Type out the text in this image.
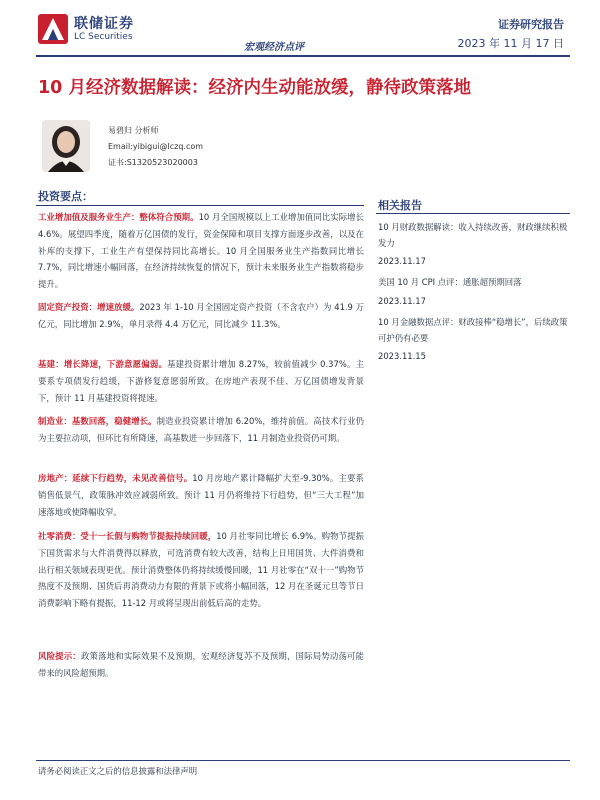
联储证券
LC Securities
宏观经济点评
证券研究报告
2023 年 11 月 17 日
10 月经济数据解读：经济内生动能放缓，静待政策落地
易碧归 分析师
Email:yibigui@lczq.com
证书:S1320523020003
投资要点：
工业增加值及服务业生产：整体符合预期。10 月全国规模以上工业增加值同比实际增长 4.6%。展望四季度，随着万亿国债的发行，资金保障和项目支撑方面逐步改善，以及在补库的支撑下，工业生产有望保持同比高增长。10 月全国服务业生产指数同比增长 7.7%，同比增速小幅回落，在经济持续恢复的情况下，预计未来服务业生产指数将稳步提升。
固定资产投资：增速放缓。2023 年 1-10 月全国固定资产投资（不含农户）为 41.9 万亿元，同比增加 2.9%，单月录得 4.4 万亿元，同比减少 11.3%。
基建：增长降速，下游意愿偏弱。基建投资累计增加 8.27%，较前值减少 0.37%。主要系专项债发行趋缓，下游修复意愿弱所致。在房地产表现不佳、万亿国债增发背景下，预计 11 月基建投资将提速。
制造业：基数回落，稳健增长。制造业投资累计增加 6.20%，维持前值。高技术行业仍为主要拉动项，但环比有所降速，高基数进一步回落下，11 月制造业投资仍可期。
房地产：延续下行趋势，未见改善信号。10 月房地产累计降幅扩大至-9.30%。主要系销售低景气，政策脉冲效应减弱所致。预计 11 月仍将维持下行趋势，但“三大工程”加速落地或使降幅收窄。
社零消费：受十一长假与购物节提振持续回暖，10 月社零同比增长 6.9%。购物节提振下国货需求与大件消费得以释放，可选消费有较大改善，结构上日用国货、大件消费和出行相关领域表现更优。预计消费整体仍将持续缓慢回暖，11 月社零在“双十一”购物节热度不及预期、国货后再消费动力有限的背景下或将小幅回落，12 月在圣诞元旦等节日消费影响下略有提振，11-12 月或将呈现出前低后高的走势。
风险提示：政策落地和实际效果不及预期，宏观经济复苏不及预期，国际局势动荡可能带来的风险超预期。
相关报告
10 月财政数据解读：收入持续改善，财政继续积极发力
2023.11.17
美国 10 月 CPI 点评：通胀超预期回落
2023.11.17
10 月金融数据点评：财政接棒“稳增长”，后续政策可护仍有必要
2023.11.15
请务必阅读正文之后的信息披露和法律声明
